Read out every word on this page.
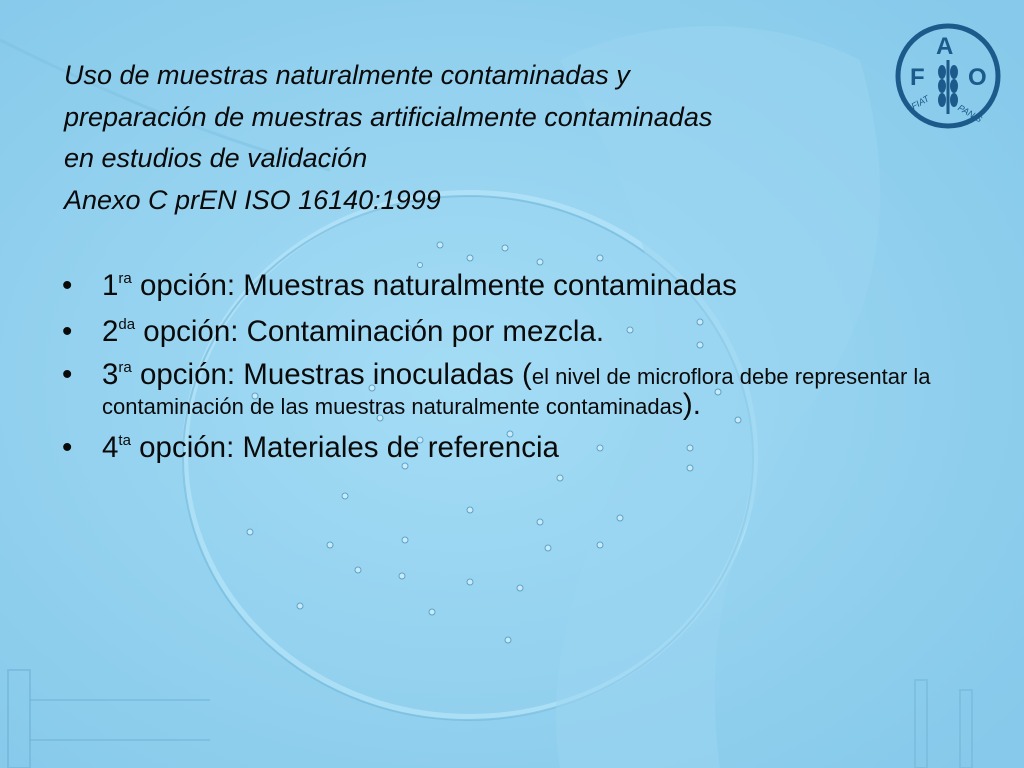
F
A
O
FIAT
PANIS
Uso de muestras naturalmente contaminadas y
preparación de muestras artificialmente contaminadas
en estudios de validación
Anexo C prEN ISO 16140:1999
• $1^{ra}$ opción: Muestras naturalmente contaminadas
• $2^{da}$ opción: Contaminación por mezcla.
• $3^{ra}$ opción: Muestras inoculadas (el nivel de microflora debe representar la contaminación de las muestras naturalmente contaminadas).
• $4^{ta}$ opción: Materiales de referencia
